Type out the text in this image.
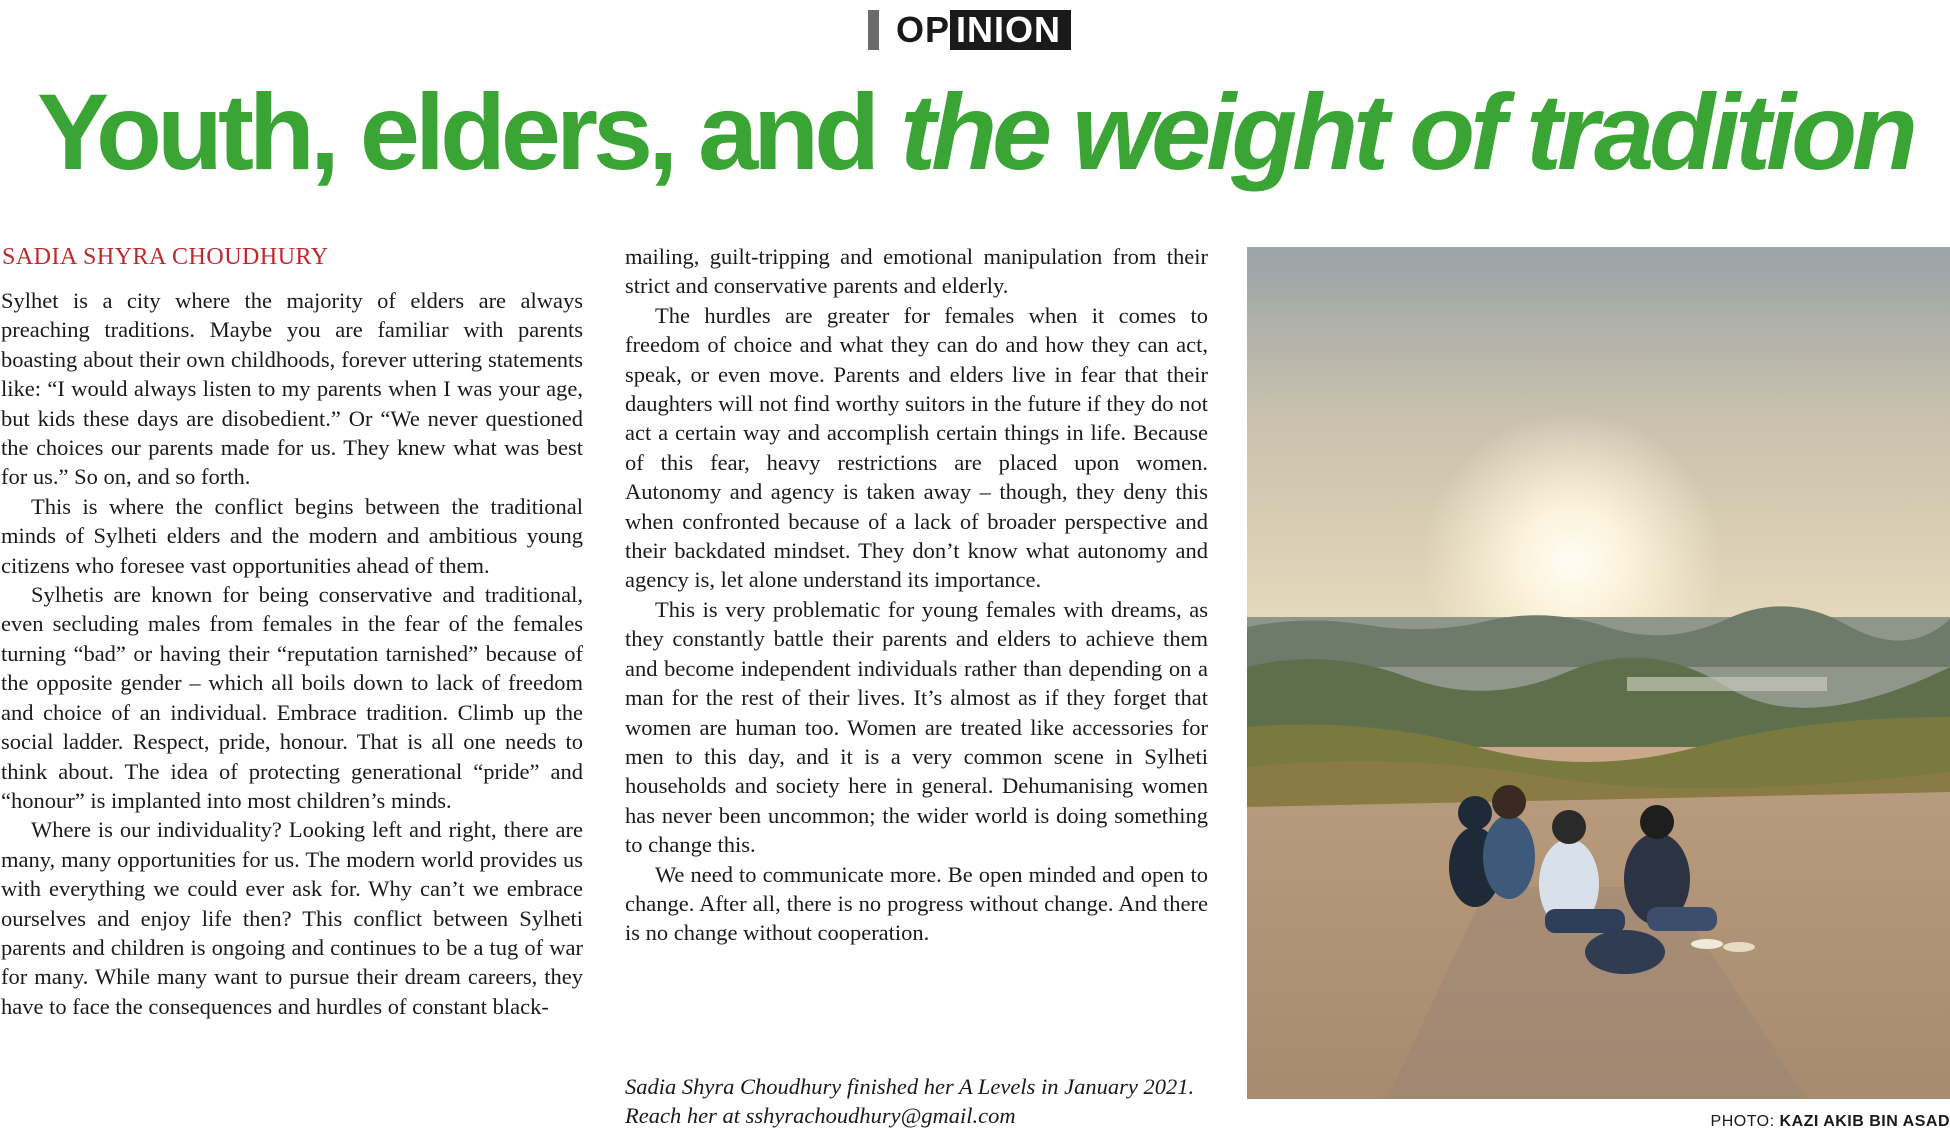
OP INION
Youth, elders, and the weight of tradition

SADIA SHYRA CHOUDHURY

Sylhet is a city where the majority of elders are always preaching traditions. Maybe you are familiar with parents boasting about their own childhoods, forever uttering statements like: “I would always listen to my parents when I was your age, but kids these days are disobedient.” Or “We never questioned the choices our parents made for us. They knew what was best for us.” So on, and so forth.

This is where the conflict begins between the traditional minds of Sylheti elders and the modern and ambitious young citizens who foresee vast opportunities ahead of them.

Sylhetis are known for being conservative and traditional, even secluding males from females in the fear of the females turning “bad” or having their “reputation tarnished” because of the opposite gender – which all boils down to lack of freedom and choice of an individual. Embrace tradition. Climb up the social ladder. Respect, pride, honour. That is all one needs to think about. The idea of protecting generational “pride” and “honour” is implanted into most children’s minds.

Where is our individuality? Looking left and right, there are many, many opportunities for us. The modern world provides us with everything we could ever ask for. Why can’t we embrace ourselves and enjoy life then? This conflict between Sylheti parents and children is ongoing and continues to be a tug of war for many. While many want to pursue their dream careers, they have to face the consequences and hurdles of constant black-

mailing, guilt-tripping and emotional manipulation from their strict and conservative parents and elderly.

The hurdles are greater for females when it comes to freedom of choice and what they can do and how they can act, speak, or even move. Parents and elders live in fear that their daughters will not find worthy suitors in the future if they do not act a certain way and accomplish certain things in life. Because of this fear, heavy restrictions are placed upon women. Autonomy and agency is taken away – though, they deny this when confronted because of a lack of broader perspective and their backdated mindset. They don’t know what autonomy and agency is, let alone understand its importance.

This is very problematic for young females with dreams, as they constantly battle their parents and elders to achieve them and become independent individuals rather than depending on a man for the rest of their lives. It’s almost as if they forget that women are human too. Women are treated like accessories for men to this day, and it is a very common scene in Sylheti households and society here in general. Dehumanising women has never been uncommon; the wider world is doing something to change this.

We need to communicate more. Be open minded and open to change. After all, there is no progress without change. And there is no change without cooperation.

Sadia Shyra Choudhury finished her A Levels in January 2021. Reach her at sshyrachoudhury@gmail.com	PHOTO: KAZI AKIB BIN ASAD
